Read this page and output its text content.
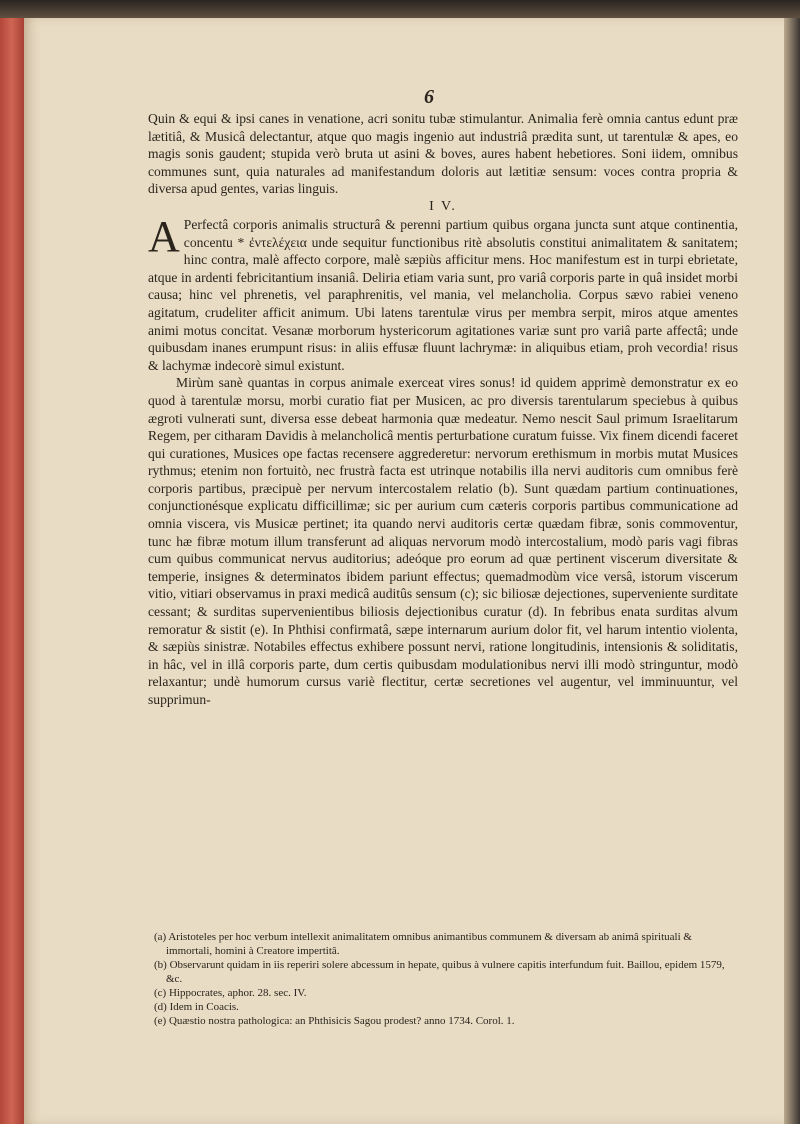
6

Quin & equi & ipsi canes in venatione, acri sonitu tubæ stimulantur. Animalia ferè omnia cantus edunt præ lætitiâ, & Musicâ delectantur, atque quo magis ingenio aut industriâ prædita sunt, ut tarentulæ & apes, eo magis sonis gaudent; stupida verò bruta ut asini & boves, aures habent hebetiores. Soni iidem, omnibus communes sunt, quia naturales ad manifestandum doloris aut lætitiæ sensum: voces contra propria & diversa apud gentes, varias linguis.

I V.

A Perfectâ corporis animalis structurâ & perenni partium quibus organa juncta sunt atque continentia, concentu * ἐντελέχεια unde sequitur functionibus ritè absolutis constitui animalitatem & sanitatem; hinc contra, malè affecto corpore, malè sæpiùs afficitur mens. Hoc manifestum est in turpi ebrietate, atque in ardenti febricitantium insaniâ. Deliria etiam varia sunt, pro variâ corporis parte in quâ insidet morbi causa; hinc vel phrenetis, vel paraphrenitis, vel mania, vel melancholia. Corpus sævo rabiei veneno agitatum, crudeliter afficit animum. Ubi latens tarentulæ virus per membra serpit, miros atque amentes animi motus concitat. Vesanæ morborum hystericorum agitationes variæ sunt pro variâ parte affectâ; unde quibusdam inanes erumpunt risus: in aliis effusæ fluunt lachrymæ: in aliquibus etiam, proh vecordia! risus & lachymæ indecorè simul existunt.

Mirùm sanè quantas in corpus animale exerceat vires sonus! id quidem apprimè demonstratur ex eo quod à tarentulæ morsu, morbi curatio fiat per Musicen, ac pro diversis tarentularum speciebus à quibus ægroti vulnerati sunt, diversa esse debeat harmonia quæ medeatur. Nemo nescit Saul primum Israelitarum Regem, per citharam Davidis à melancholicâ mentis perturbatione curatum fuisse. Vix finem dicendi faceret qui curationes, Musices ope factas recensere aggrederetur: nervorum erethismum in morbis mutat Musices rythmus; etenim non fortuitò, nec frustrà facta est utrinque notabilis illa nervi auditoris cum omnibus ferè corporis partibus, præcipuè per nervum intercostalem relatio (b). Sunt quædam partium continuationes, conjunctionésque explicatu difficillimæ; sic per aurium cum cæteris corporis partibus communicatione ad omnia viscera, vis Musicæ pertinet; ita quando nervi auditoris certæ quædam fibræ, sonis commoventur, tunc hæ fibræ motum illum transferunt ad aliquas nervorum modò intercostalium, modò paris vagi fibras cum quibus communicat nervus auditorius; adeóque pro eorum ad quæ pertinent viscerum diversitate & temperie, insignes & determinatos ibidem pariunt effectus; quemadmodùm vice versâ, istorum viscerum vitio, vitiari observamus in praxi medicâ auditûs sensum (c); sic biliosæ dejectiones, superveniente surditate cessant; & surditas supervenientibus biliosis dejectionibus curatur (d). In febribus enata surditas alvum remoratur & sistit (e). In Phthisi confirmatâ, sæpe internarum aurium dolor fit, vel harum intentio violenta, & sæpiùs sinistræ. Notabiles effectus exhibere possunt nervi, ratione longitudinis, intensionis & soliditatis, in hâc, vel in illâ corporis parte, dum certis quibusdam modulationibus nervi illi modò stringuntur, modò relaxantur; undè humorum cursus variè flectitur, certæ secretiones vel augentur, vel imminuuntur, vel supprimun-

(a) Aristoteles per hoc verbum intellexit animalitatem omnibus animantibus communem & diversam ab animâ spirituali & immortali, homini à Creatore impertitâ.

(b) Observarunt quidam in iis reperiri solere abcessum in hepate, quibus à vulnere capitis interfundum fuit. Baillou, epidem 1579, &c.

(c) Hippocrates, aphor. 28. sec. IV.

(d) Idem in Coacis.

(e) Quæstio nostra pathologica: an Phthisicis Sagou prodest? anno 1734. Corol. 1.
